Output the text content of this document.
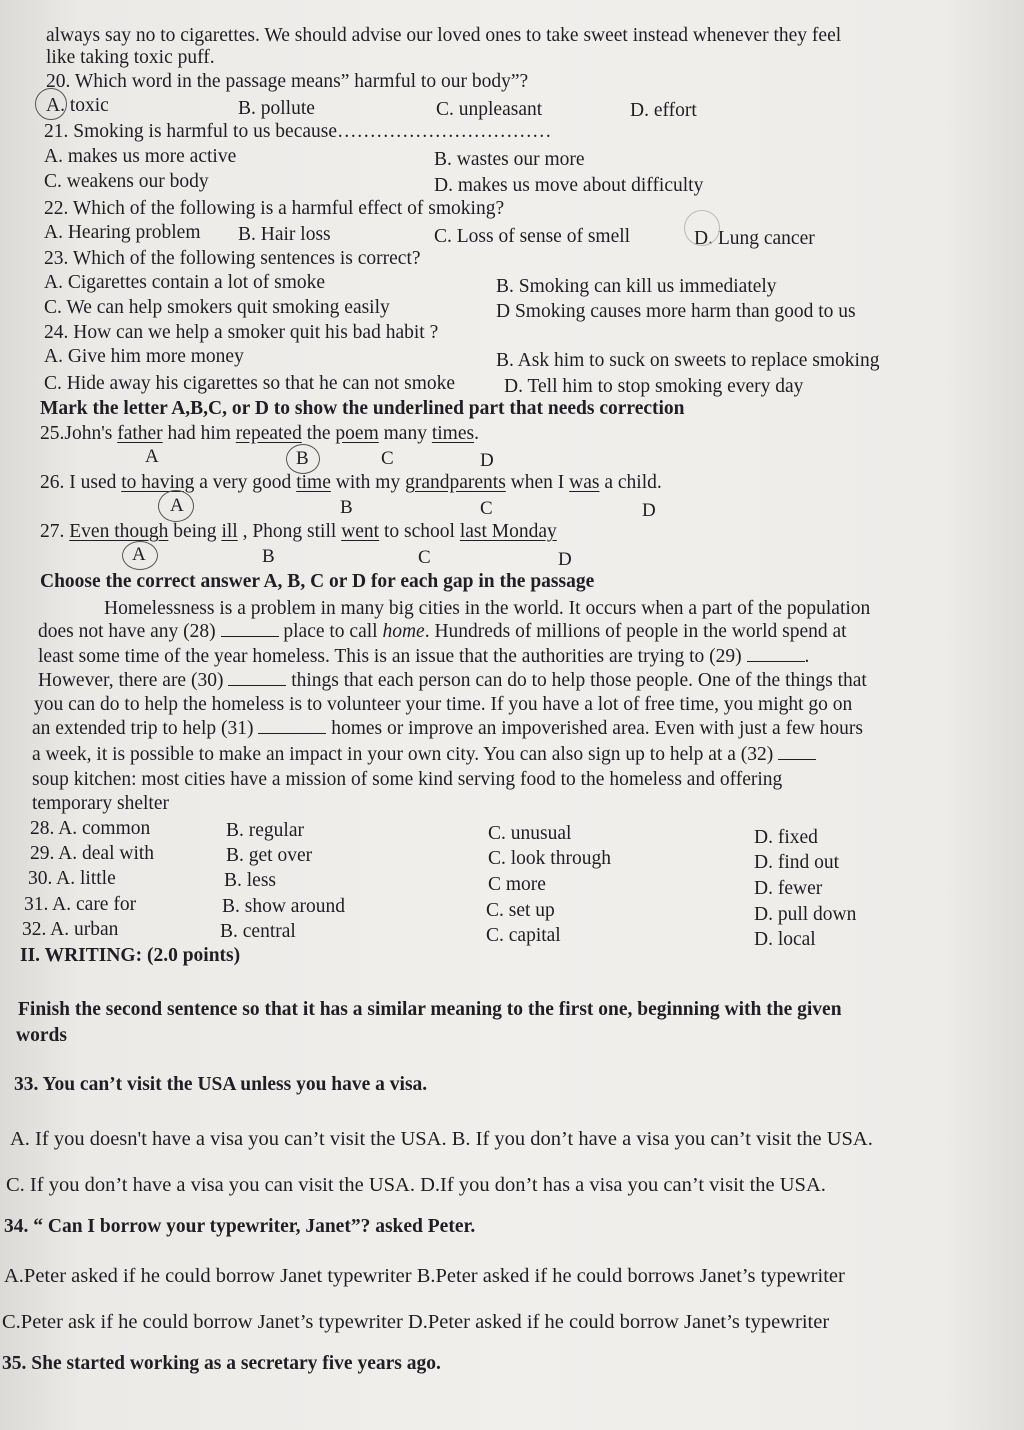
always say no to cigarettes. We should advise our loved ones to take sweet instead whenever they feel
like taking toxic puff.
20. Which word in the passage means” harmful to our body”?
A. toxic	B. pollute	C. unpleasant	D. effort
21. Smoking is harmful to us because……………………………
A. makes us more active	B. wastes our more
C. weakens our body	D. makes us move about difficulty
22. Which of the following is a harmful effect of smoking?
A. Hearing problem B. Hair loss	C. Loss of sense of smell	D. Lung cancer
23. Which of the following sentences is correct?
A. Cigarettes contain a lot of smoke	B. Smoking can kill us immediately
C. We can help smokers quit smoking easily	D Smoking causes more harm than good to us
24. How can we help a smoker quit his bad habit ?
A. Give him more money	B. Ask him to suck on sweets to replace smoking
C. Hide away his cigarettes so that he can not smoke	D. Tell him to stop smoking every day
Mark the letter A,B,C, or D to show the underlined part that needs correction
25.John's father had him repeated the poem many times.
A	B	C	D
26. I used to having a very good time with my grandparents when I was a child.
A	B	C	D
27. Even though being ill , Phong still went to school last Monday
A	B	C	D
Choose the correct answer A, B, C or D for each gap in the passage
Homelessness is a problem in many big cities in the world. It occurs when a part of the population
does not have any (28)	place to call home. Hundreds of millions of people in the world spend at
least some time of the year homeless. This is an issue that the authorities are trying to (29)	.
However, there are (30)	things that each person can do to help those people. One of the things that
you can do to help the homeless is to volunteer your time. If you have a lot of free time, you might go on
an extended trip to help (31)	homes or improve an impoverished area. Even with just a few hours
a week, it is possible to make an impact in your own city. You can also sign up to help at a (32)
soup kitchen: most cities have a mission of some kind serving food to the homeless and offering
temporary shelter
28. A. common	B. regular	C. unusual	D. fixed
29. A. deal with	B. get over	C. look through	D. find out
30. A. little	B. less	C more	D. fewer
31. A. care for	B. show around	C. set up	D. pull down
32. A. urban	B. central	C. capital	D. local
II. WRITING: (2.0 points)
Finish the second sentence so that it has a similar meaning to the first one, beginning with the given
words
33. You can’t visit the USA unless you have a visa.
A. If you doesn't have a visa you can’t visit the USA. B. If you don’t have a visa you can’t visit the USA.
C. If you don’t have a visa you can visit the USA. D.If you don’t has a visa you can’t visit the USA.
34. “ Can I borrow your typewriter, Janet”? asked Peter.
A.Peter asked if he could borrow Janet typewriter B.Peter asked if he could borrows Janet’s typewriter
C.Peter ask if he could borrow Janet’s typewriter D.Peter asked if he could borrow Janet’s typewriter
35. She started working as a secretary five years ago.
